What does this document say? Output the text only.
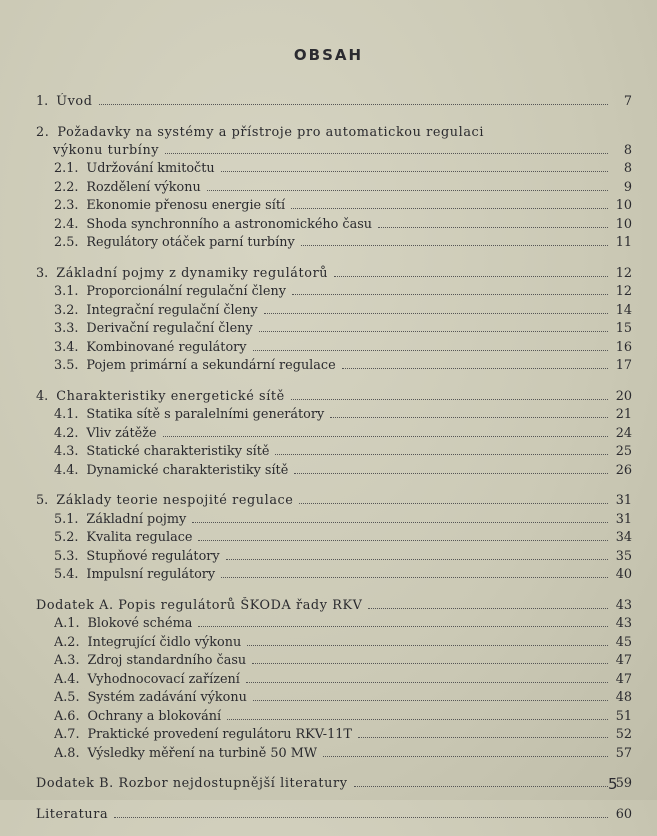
OBSAH
1. Úvod	7
2. Požadavky na systémy a přístroje pro automatickou regulaci
výkonu turbíny	8
2.1. Udržování kmitočtu	8
2.2. Rozdělení výkonu	9
2.3. Ekonomie přenosu energie sítí	10
2.4. Shoda synchronního a astronomického času	10
2.5. Regulátory otáček parní turbíny	11
3. Základní pojmy z dynamiky regulátorů	12
3.1. Proporcionální regulační členy	12
3.2. Integrační regulační členy	14
3.3. Derivační regulační členy	15
3.4. Kombinované regulátory	16
3.5. Pojem primární a sekundární regulace	17
4. Charakteristiky energetické sítě	20
4.1. Statika sítě s paralelními generátory	21
4.2. Vliv zátěže	24
4.3. Statické charakteristiky sítě	25
4.4. Dynamické charakteristiky sítě	26
5. Základy teorie nespojité regulace	31
5.1. Základní pojmy	31
5.2. Kvalita regulace	34
5.3. Stupňové regulátory	35
5.4. Impulsní regulátory	40
Dodatek A. Popis regulátorů ŠKODA řady RKV	43
A.1. Blokové schéma	43
A.2. Integrující čidlo výkonu	45
A.3. Zdroj standardního času	47
A.4. Vyhodnocovací zařízení	47
A.5. Systém zadávání výkonu	48
A.6. Ochrany a blokování	51
A.7. Praktické provedení regulátoru RKV-11T	52
A.8. Výsledky měření na turbině 50 MW	57
Dodatek B. Rozbor nejdostupnější literatury	59
Literatura	60
5
